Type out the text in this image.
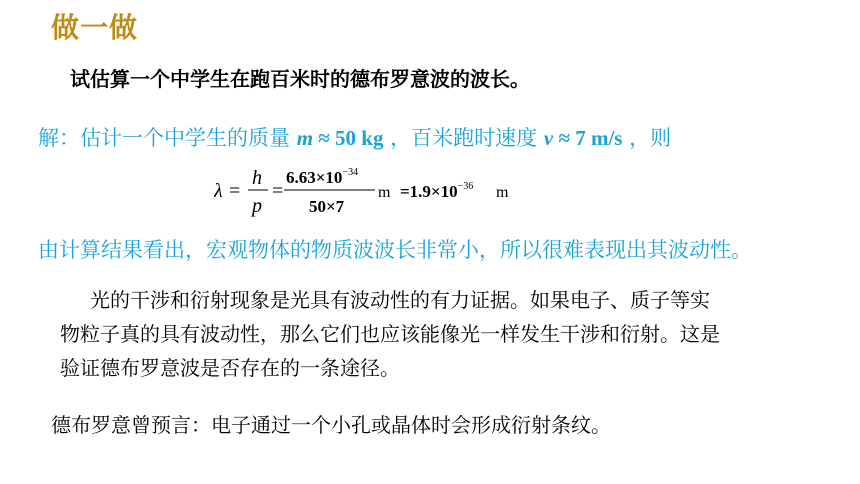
做一做
试估算一个中学生在跑百米时的德布罗意波的波长。
解：估计一个中学生的质量 m ≈ 50 kg ，百米跑时速度 v ≈ 7 m/s ，则
λ =
h
p
=
$6.63\times 10^{-34}$
50×7
$m =1.9\times 10^{-36}$ m
由计算结果看出，宏观物体的物质波波长非常小，所以很难表现出其波动性。

光的干涉和衍射现象是光具有波动性的有力证据。如果电子、质子等实

物粒子真的具有波动性，那么它们也应该能像光一样发生干涉和衍射。这是

验证德布罗意波是否存在的一条途径。

德布罗意曾预言：电子通过一个小孔或晶体时会形成衍射条纹。
